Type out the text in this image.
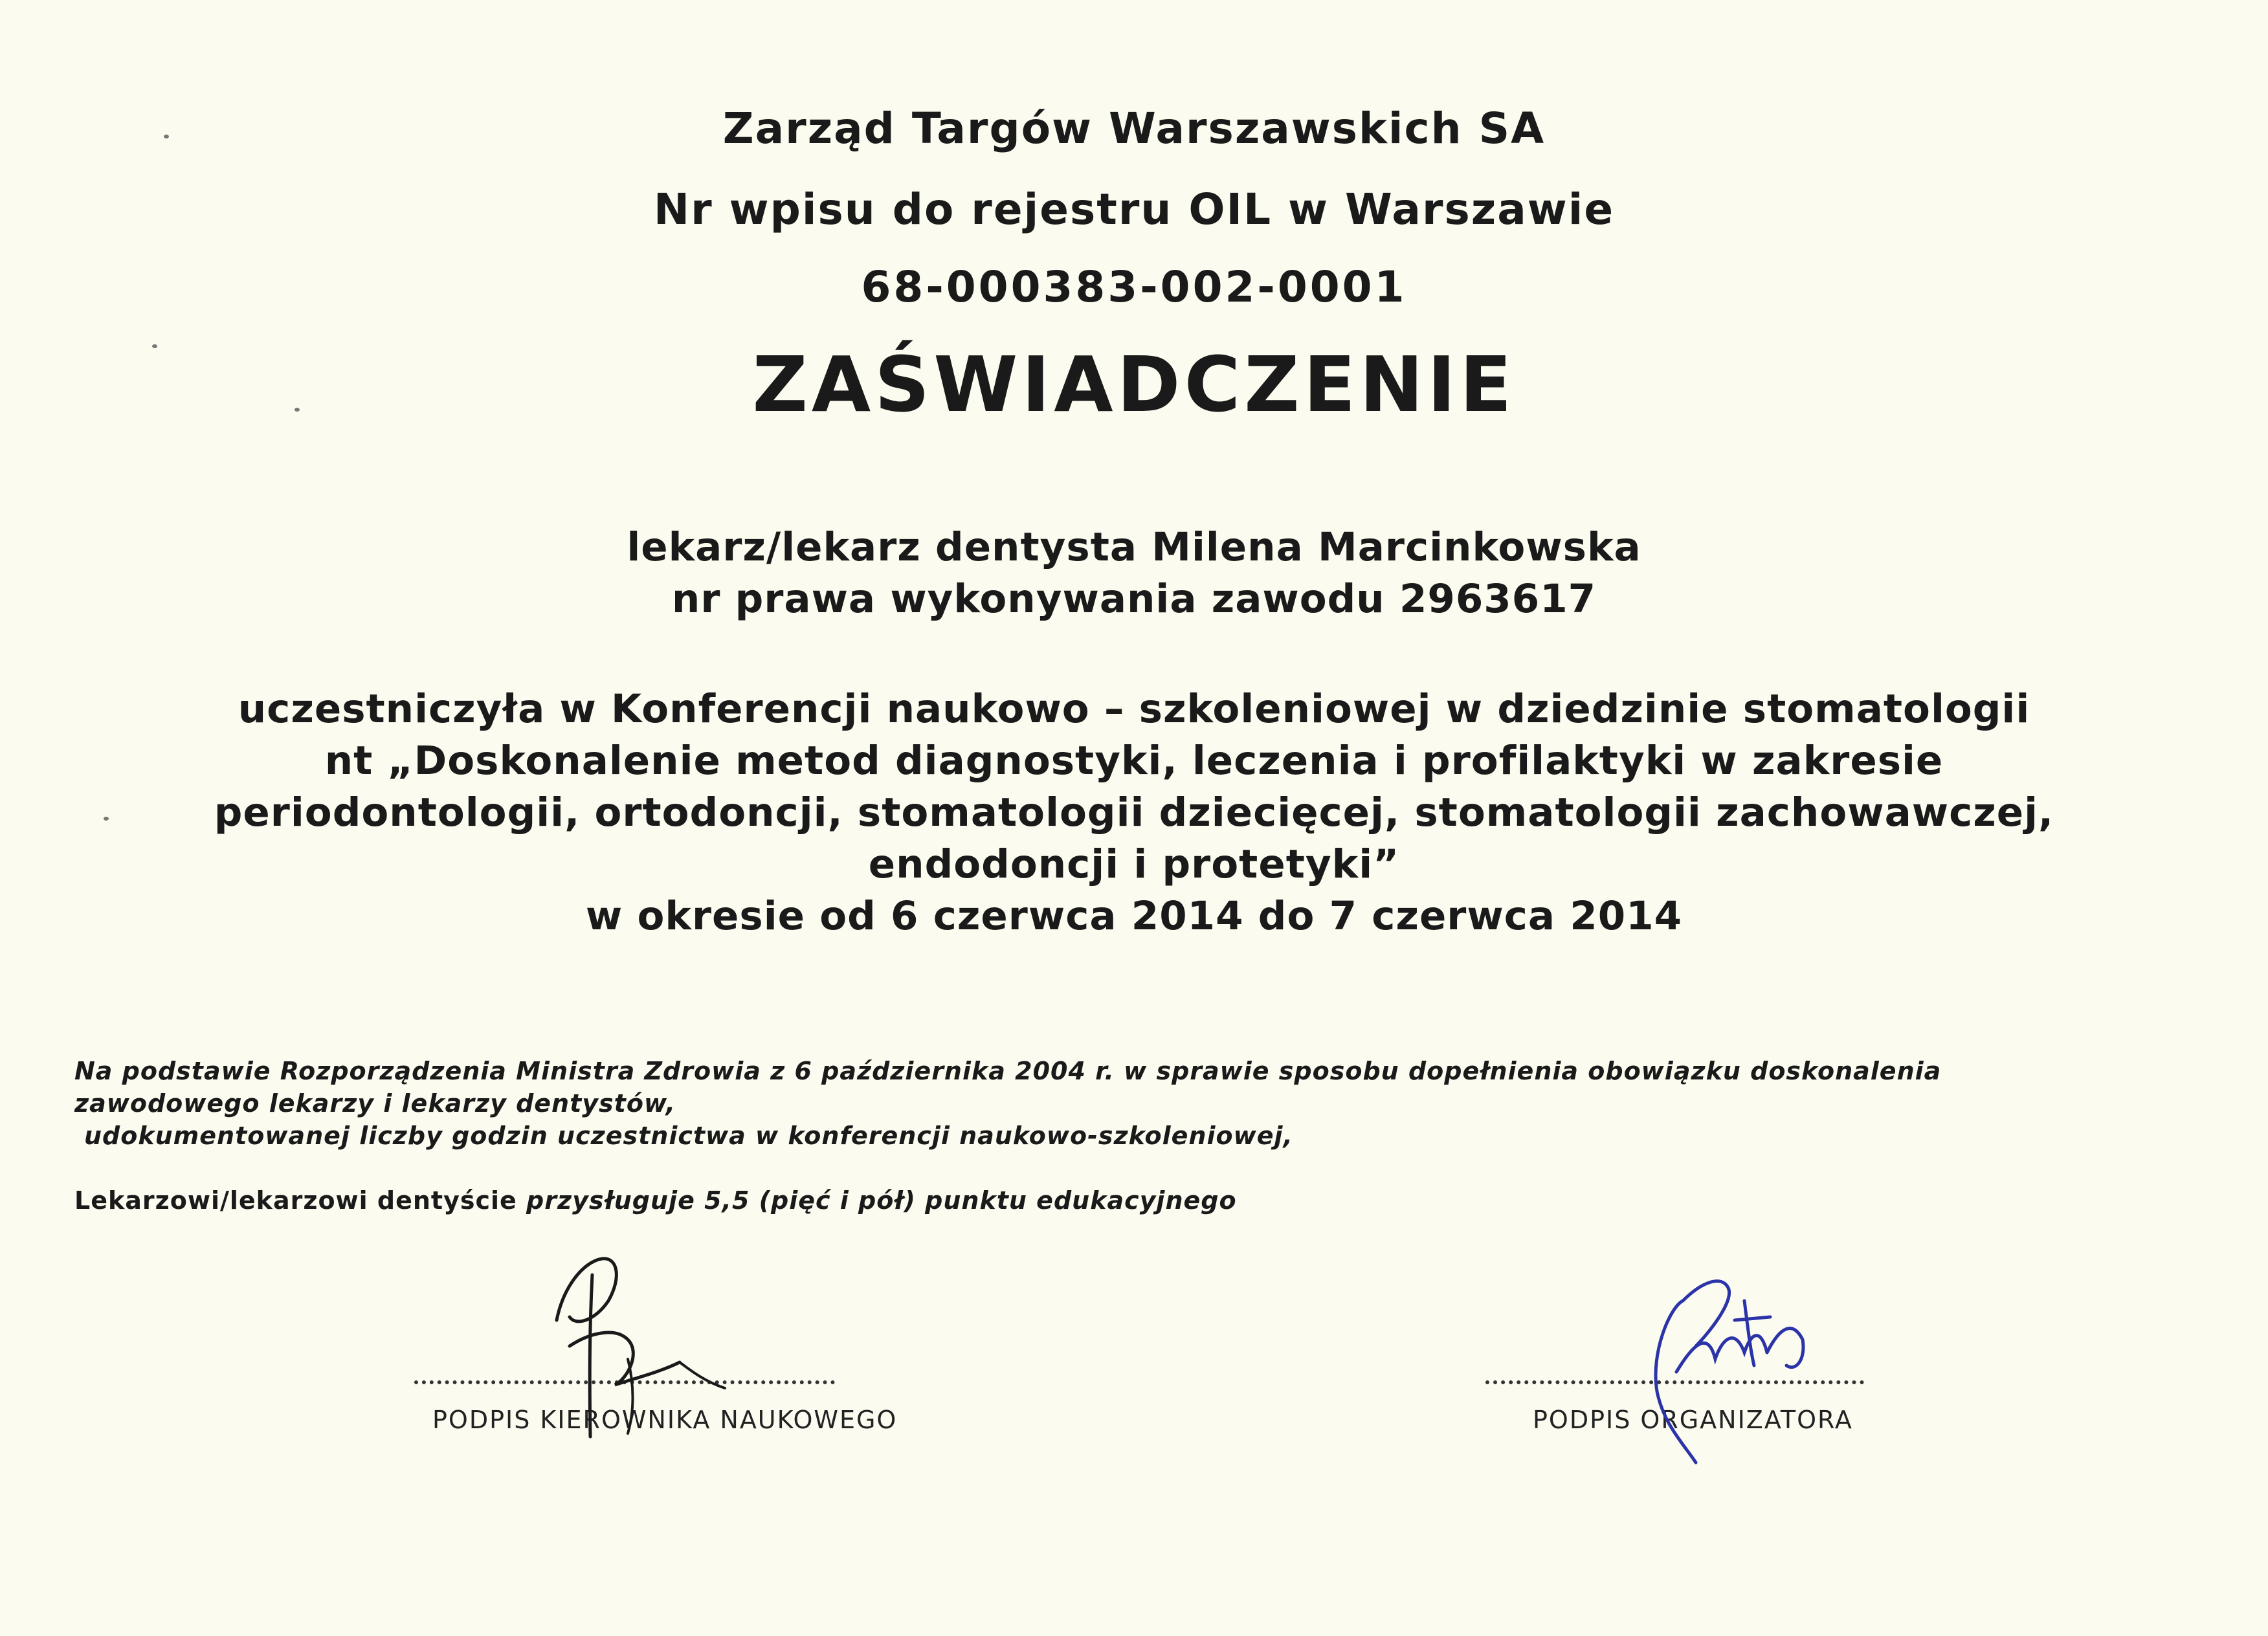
Zarząd Targów Warszawskich SA
Nr wpisu do rejestru OIL w Warszawie
68-000383-002-0001
ZAŚWIADCZENIE
lekarz/lekarz dentysta Milena Marcinkowska
nr prawa wykonywania zawodu 2963617
uczestniczyła w Konferencji naukowo – szkoleniowej w dziedzinie stomatologii
nt „Doskonalenie metod diagnostyki, leczenia i profilaktyki w zakresie
periodontologii, ortodoncji, stomatologii dziecięcej, stomatologii zachowawczej,
endodoncji i protetyki”
w okresie od 6 czerwca 2014 do 7 czerwca 2014
Na podstawie Rozporządzenia Ministra Zdrowia z 6 października 2004 r. w sprawie sposobu dopełnienia obowiązku doskonalenia
zawodowego lekarzy i lekarzy dentystów,
udokumentowanej liczby godzin uczestnictwa w konferencji naukowo-szkoleniowej,
Lekarzowi/lekarzowi dentyście przysługuje 5,5 (pięć i pół) punktu edukacyjnego
PODPIS KIEROWNIKA NAUKOWEGO	PODPIS ORGANIZATORA
